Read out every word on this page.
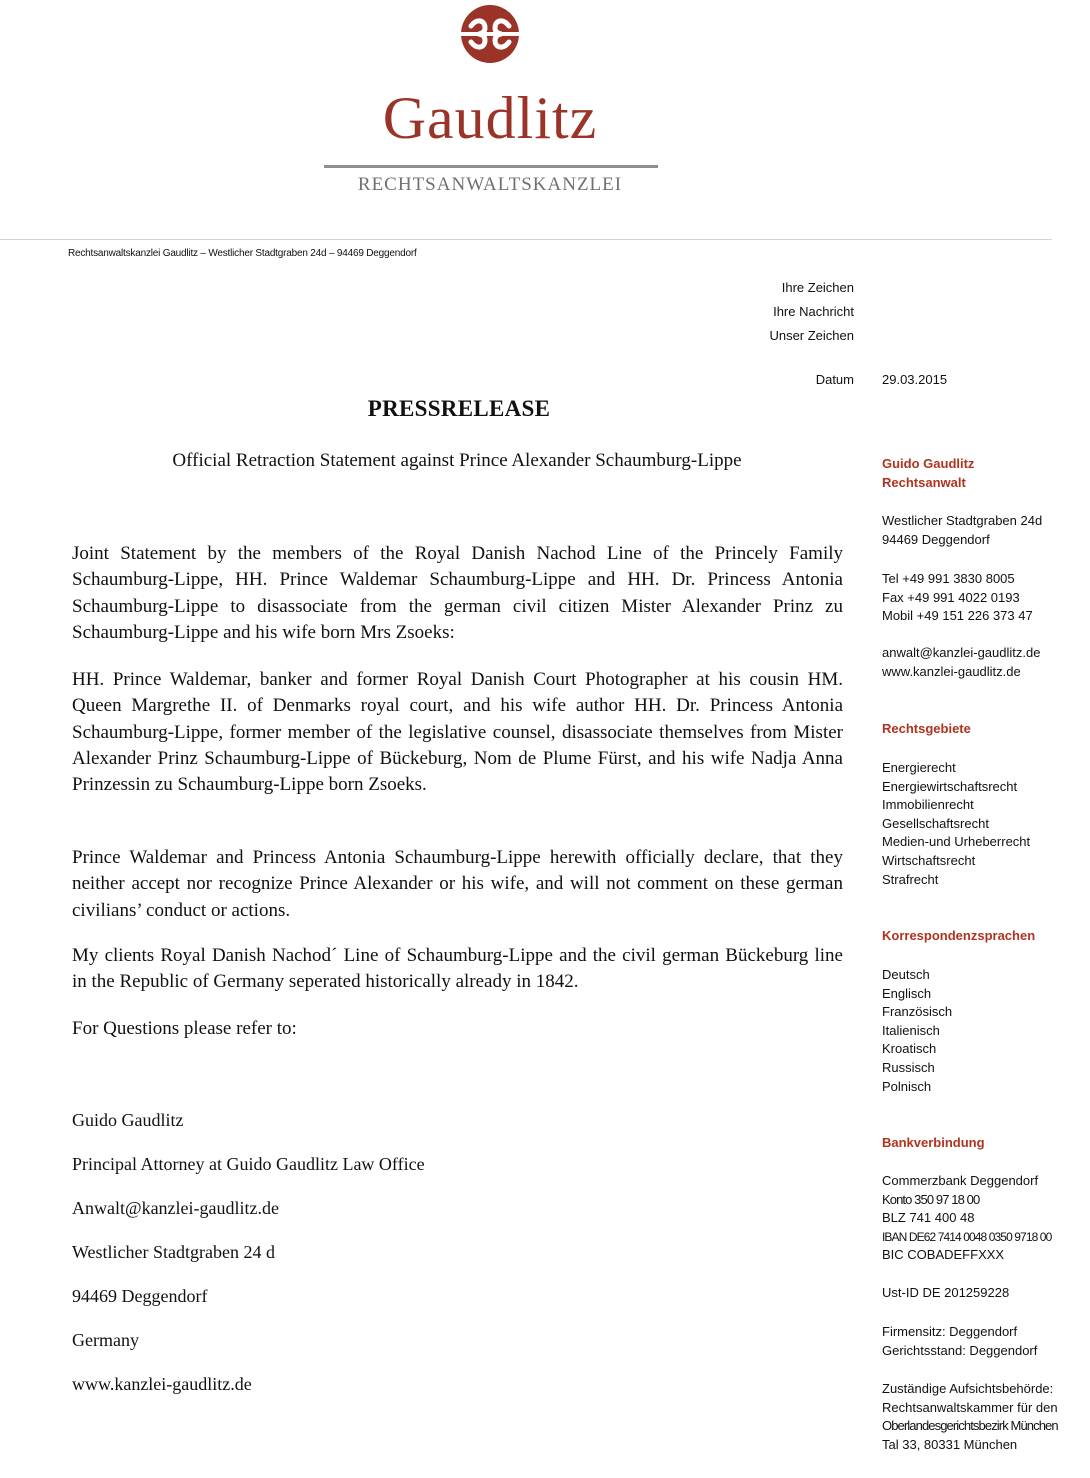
Gaudlitz
RECHTSANWALTSKANZLEI
Rechtsanwaltskanzlei Gaudlitz – Westlicher Stadtgraben 24d – 94469 Deggendorf
Ihre Zeichen
Ihre Nachricht
Unser Zeichen
Datum 29.03.2015
PRESSRELEASE
Official Retraction Statement against Prince Alexander Schaumburg-Lippe

Joint Statement by the members of the Royal Danish Nachod Line of the Princely Family Schaumburg-Lippe, HH. Prince Waldemar Schaumburg-Lippe and HH. Dr. Princess Antonia Schaumburg-Lippe to disassociate from the german civil citizen Mister Alexander Prinz zu Schaumburg-Lippe and his wife born Mrs Zsoeks:

HH. Prince Waldemar, banker and former Royal Danish Court Photographer at his cousin HM. Queen Margrethe II. of Denmarks royal court, and his wife author HH. Dr. Princess Antonia Schaumburg-Lippe, former member of the legislative counsel, disassociate themselves from Mister Alexander Prinz Schaumburg-Lippe of Bückeburg, Nom de Plume Fürst, and his wife Nadja Anna Prinzessin zu Schaumburg-Lippe born Zsoeks.

Prince Waldemar and Princess Antonia Schaumburg-Lippe herewith officially declare, that they neither accept nor recognize Prince Alexander or his wife, and will not comment on these german civilians’ conduct or actions.

My clients Royal Danish Nachod´ Line of Schaumburg-Lippe and the civil german Bückeburg line in the Republic of Germany seperated historically already in 1842.

For Questions please refer to:

Guido Gaudlitz
Principal Attorney at Guido Gaudlitz Law Office
Anwalt@kanzlei-gaudlitz.de
Westlicher Stadtgraben 24 d
94469 Deggendorf
Germany
www.kanzlei-gaudlitz.de
Guido Gaudlitz
Rechtsanwalt
Westlicher Stadtgraben 24d
94469 Deggendorf
Tel +49 991 3830 8005
Fax +49 991 4022 0193
Mobil +49 151 226 373 47
anwalt@kanzlei-gaudlitz.de
www.kanzlei-gaudlitz.de
Rechtsgebiete
Energierecht
Energiewirtschaftsrecht
Immobilienrecht
Gesellschaftsrecht
Medien-und Urheberrecht
Wirtschaftsrecht
Strafrecht
Korrespondenzsprachen
Deutsch
Englisch
Französisch
Italienisch
Kroatisch
Russisch
Polnisch
Bankverbindung
Commerzbank Deggendorf
Konto 350 97 18 00
BLZ 741 400 48
IBAN DE62 7414 0048 0350 9718 00
BIC COBADEFFXXX
Ust-ID DE 201259228
Firmensitz: Deggendorf
Gerichtsstand: Deggendorf
Zuständige Aufsichtsbehörde:
Rechtsanwaltskammer für den
Oberlandesgerichtsbezirk München
Tal 33, 80331 München
